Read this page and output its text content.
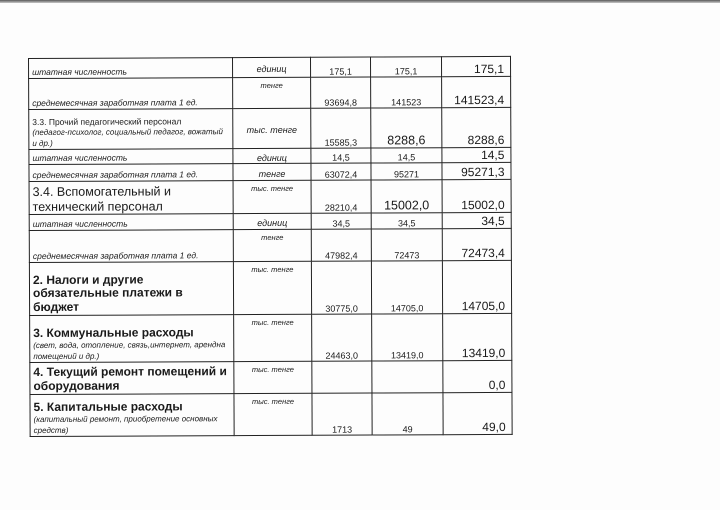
штатная численность	единиц	175,1	175,1	175,1
среднемесячная заработная плата 1 ед.	тенге	93694,8	141523	141523,4

3.3. Прочий педагогический персонал
(педагог-психолог, социальный педагог, вожатый и др.)	тыс. тенге	15585,3	8288,6	8288,6
штатная численность	единиц	14,5	14,5	14,5
среднемесячная заработная плата 1 ед.	тенге	63072,4	95271	95271,3
3.4. Вспомогательный и технический персонал	тыс. тенге	28210,4	15002,0	15002,0
штатная численность	единиц	34,5	34,5	34,5
среднемесячная заработная плата 1 ед.	тенге	47982,4	72473	72473,4
2. Налоги и другие обязательные платежи в бюджет	тыс. тенге	30775,0	14705,0	14705,0

3. Коммунальные расходы
(свет, вода, отопление, связь,интернет, арендна помещений и др.)	тыс. тенге	24463,0	13419,0	13419,0
4. Текущий ремонт помещений и оборудования	тыс. тенге			0,0

5. Капитальные расходы
(капитальный ремонт, приобретение основных средств)	тыс. тенге	1713	49	49,0
